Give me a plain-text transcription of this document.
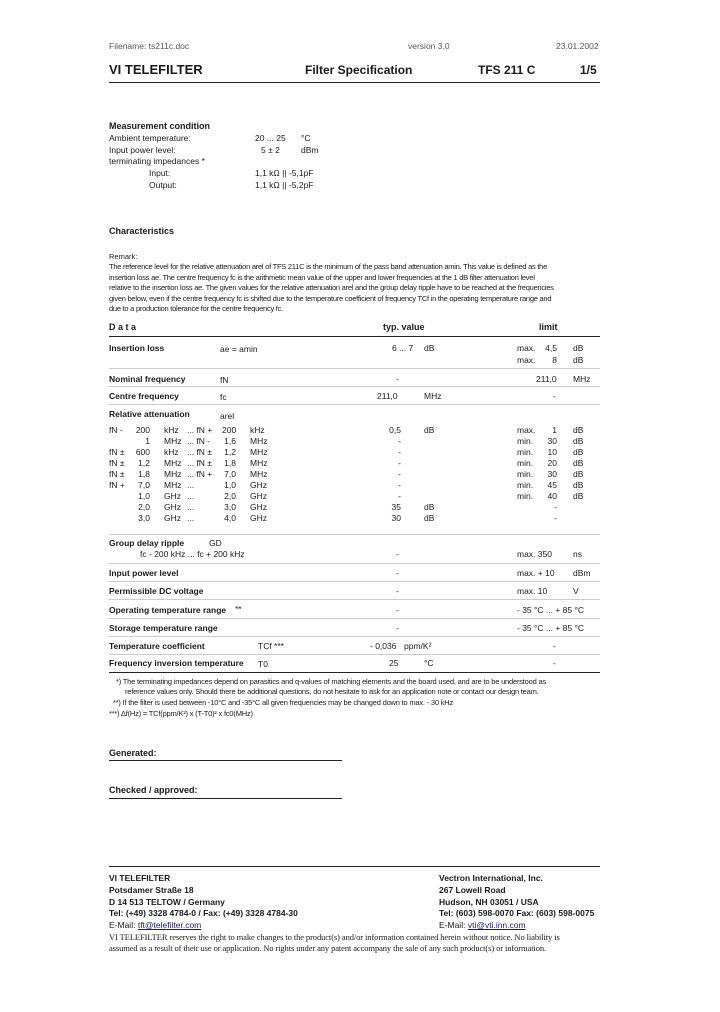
Filename: ts211c.doc	version 3.0	23.01.2002
VI TELEFILTER	Filter Specification	TFS 211 C	1/5
Measurement condition
Ambient temperature:	20 ... 25 °C
Input power level:	5 ± 2 dBm
terminating impedances *
Input:	1,1 kΩ || -5,1pF
Output:	1,1 kΩ || -5,2pF
Characteristics
Remark:
The reference level for the relative attenuation arel of TFS 211C is the minimum of the pass band attenuation amin. This value is defined as the
insertion loss ae. The centre frequency fc is the arithmetic mean value of the upper and lower frequencies at the 1 dB filter attenuation level
relative to the insertion loss ae. The given values for the relative attenuation arel and the group delay ripple have to be reached at the frequencies
given below, even if the centre frequency fc is shifted due to the temperature coefficient of frequency TCf in the operating temperature range and
due to a production tolerance for the centre frequency fc.
D a t a	typ. value	limit
Insertion loss	ae = amin	6 ... 7 dB	max.	4,5 dB
max.	8 dB
Nominal frequency	fN	-	211,0 MHz
Centre frequency	fc	211,0	MHz	-
Relative attenuation	arel
fN -	200 kHz ... fN + 200 kHz	0,5	dB	max.	1 dB
1 MHz ... fN - 1,6 MHz	-	min.	30 dB
fN ±	600 kHz ... fN ± 1,2 MHz	-	min.	10 dB
fN ±	1,2 MHz ... fN ± 1,8 MHz	-	min.	20 dB
fN ±	1,8 MHz ... fN + 7,0 MHz	-	min.	30 dB
fN +	7,0 MHz ...	1,0 GHz	-	min.	45 dB
1,0 GHz ...	2,0 GHz	-	min.	40 dB
2,0 GHz ...	3,0 GHz	35	dB	-
3,0 GHz ...	4,0 GHz	30	dB	-
Group delay ripple	GD
fc - 200 kHz ... fc + 200 kHz	-	max. 350 ns
Input power level	-	max. + 10 dBm
Permissible DC voltage	-	max. 10	V
Operating temperature range **	-	- 35 °C ... + 85 °C
Storage temperature range	-	- 35 °C ... + 85 °C
Temperature coefficient	TCf ***	- 0,036 ppm/K²	-
Frequency inversion temperature T0	25	°C	-
*) The terminating impedances depend on parasitics and q-values of matching elements and the board used, and are to be understood as
reference values only. Should there be additional questions, do not hesitate to ask for an application note or contact our design team.
**) If the filter is used between -10°C and -35°C all given frequencies may be changed down to max. - 30 kHz
***) Δf(Hz) = TCf(ppm/K²) x (T-T0)² x fc0(MHz)
Generated:
Checked / approved:
VI TELEFILTER
Potsdamer Straße 18
D 14 513 TELTOW / Germany
Tel: (+49) 3328 4784-0 / Fax: (+49) 3328 4784-30
E-Mail: tft@telefilter.com
Vectron International, Inc.
267 Lowell Road
Hudson, NH 03051 / USA
Tel: (603) 598-0070 Fax: (603) 598-0075
E-Mail: vti@vti.inn.com
VI TELEFILTER reserves the right to make changes to the product(s) and/or information contained herein without notice. No liability is
assumed as a result of their use or application. No rights under any patent accompany the sale of any such product(s) or information.
